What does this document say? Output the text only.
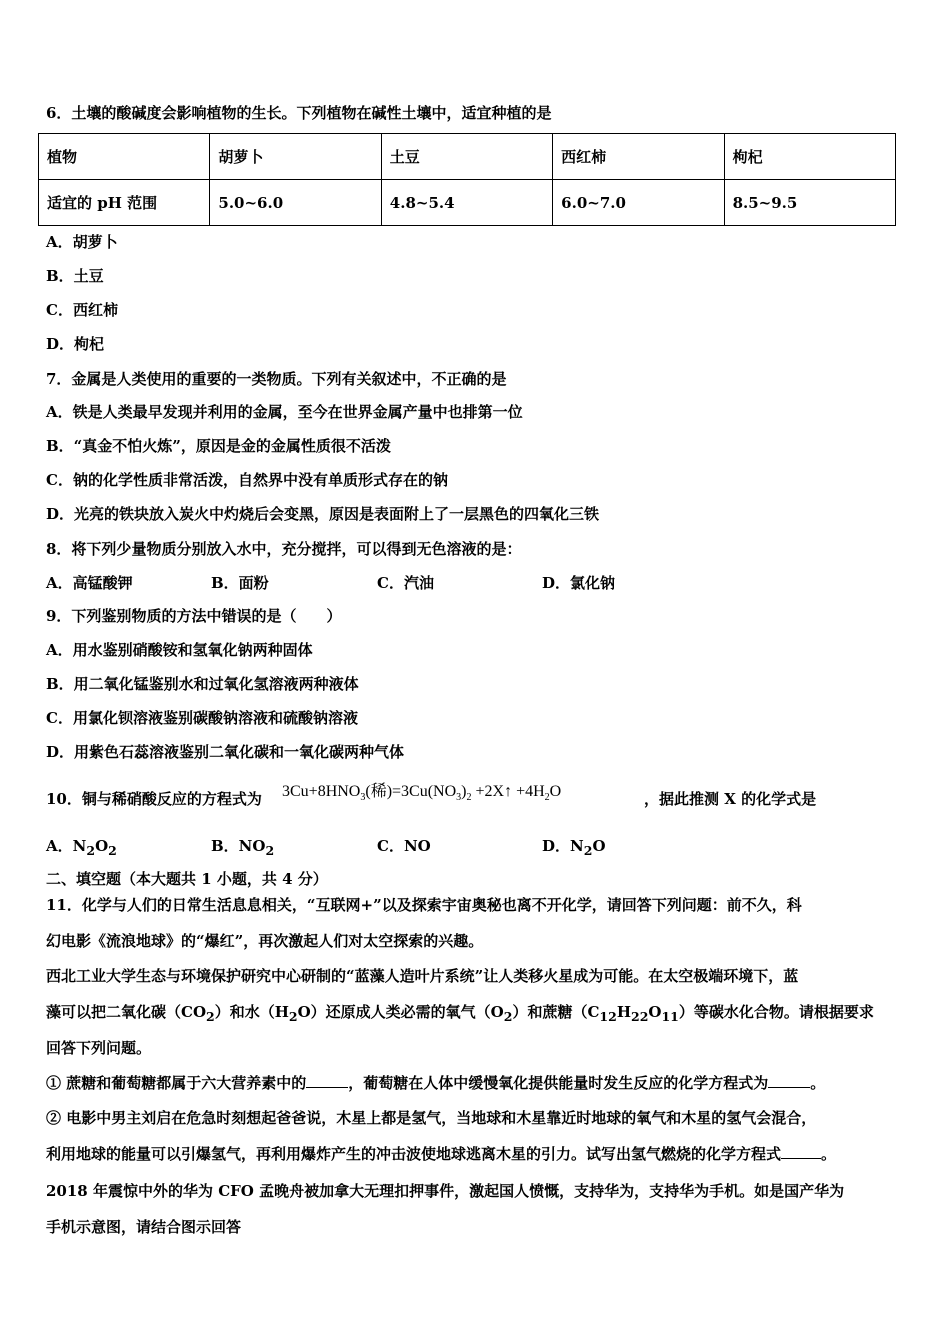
6．土壤的酸碱度会影响植物的生长。下列植物在碱性土壤中，适宜种植的是
植物	胡萝卜	土豆	西红柿	枸杞
适宜的 pH 范围	5.0~6.0	4.8~5.4	6.0~7.0	8.5~9.5
A．胡萝卜
B．土豆
C．西红柿
D．枸杞
7．金属是人类使用的重要的一类物质。下列有关叙述中，不正确的是
A．铁是人类最早发现并利用的金属，至今在世界金属产量中也排第一位
B．“真金不怕火炼”，原因是金的金属性质很不活泼
C．钠的化学性质非常活泼，自然界中没有单质形式存在的钠
D．光亮的铁块放入炭火中灼烧后会变黑，原因是表面附上了一层黑色的四氧化三铁
8．将下列少量物质分别放入水中，充分搅拌，可以得到无色溶液的是：
A．高锰酸钾	B．面粉	C．汽油	D．氯化钠
9．下列鉴别物质的方法中错误的是（　　）
A．用水鉴别硝酸铵和氢氧化钠两种固体
B．用二氧化锰鉴别水和过氧化氢溶液两种液体
C．用氯化钡溶液鉴别碳酸钠溶液和硫酸钠溶液
D．用紫色石蕊溶液鉴别二氧化碳和一氧化碳两种气体
10．铜与稀硝酸反应的方程式为 $3Cu+8HNO_3$(稀)$=3Cu(NO_3)_2$ +2X↑ $+4H_2O$	，据此推测 X 的化学式是
A．$N_2O_2$	B．$NO_2$	C．NO	D．$N_2O$
二、填空题（本大题共 1 小题，共 4 分）
11．化学与人们的日常生活息息相关，“互联网+”以及探索宇宙奥秘也离不开化学，请回答下列问题：前不久，科
幻电影《流浪地球》的“爆红”，再次激起人们对太空探索的兴趣。
西北工业大学生态与环境保护研究中心研制的“蓝藻人造叶片系统”让人类移火星成为可能。在太空极端环境下，蓝
藻可以把二氧化碳$(CO_2)$和水$(H_2O)$还原成人类必需的氧气$(O_2)$和蔗糖$(C_{12}H_{22}O_{11})$等碳水化合物。请根据要求
回答下列问题。
① 蔗糖和葡萄糖都属于六大营养素中的	，葡萄糖在人体中缓慢氧化提供能量时发生反应的化学方程式为	。
② 电影中男主刘启在危急时刻想起爸爸说，木星上都是氢气，当地球和木星靠近时地球的氧气和木星的氢气会混合，
利用地球的能量可以引爆氢气，再利用爆炸产生的冲击波使地球逃离木星的引力。试写出氢气燃烧的化学方程式	。
2018 年震惊中外的华为 CFO 孟晚舟被加拿大无理扣押事件，激起国人愤慨，支持华为，支持华为手机。如是国产华为
手机示意图，请结合图示回答
